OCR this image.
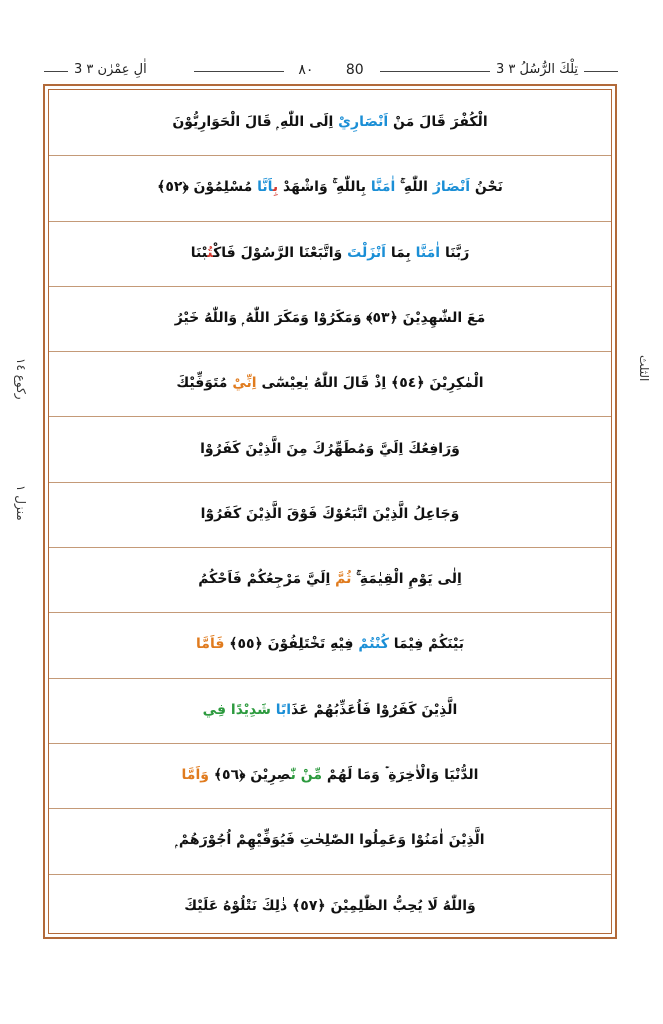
3 اٰلِ عِمْرٰن ٣	٨٠ 80	3 تِلْكَ الرُّسُلُ ٣
ركوع ١٤
منزل ١
الثلث
الْكُفْرَ قَالَ مَنْ اَنْصَارِيْ اِلَى اللّٰهِ ۭ قَالَ الْحَوَارِيُّوْنَ
نَحْنُ اَنْصَارُ اللّٰهِ ۚ اٰمَنَّا بِاللّٰهِ ۚ وَاشْهَدْ بِاَنَّا مُسْلِمُوْنَ ﴿٥٢﴾
رَبَّنَا اٰمَنَّا بِمَا اَنْزَلْتَ وَاتَّبَعْنَا الرَّسُوْلَ فَاكْتُبْنَا
مَعَ الشّٰهِدِيْنَ ﴿٥٣﴾ وَمَكَرُوْا وَمَكَرَ اللّٰهُ ۭ وَاللّٰهُ خَيْرُ
الْمٰكِرِيْنَ ﴿٥٤﴾ اِذْ قَالَ اللّٰهُ يٰعِيْسٰٓى اِنِّيْ مُتَوَفِّيْكَ
وَرَافِعُكَ اِلَيَّ وَمُطَهِّرُكَ مِنَ الَّذِيْنَ كَفَرُوْا
وَجَاعِلُ الَّذِيْنَ اتَّبَعُوْكَ فَوْقَ الَّذِيْنَ كَفَرُوْٓا
اِلٰى يَوْمِ الْقِيٰمَةِ ۚ ثُمَّ اِلَيَّ مَرْجِعُكُمْ فَاَحْكُمُ
بَيْنَكُمْ فِيْمَا كُنْتُمْ فِيْهِ تَخْتَلِفُوْنَ ﴿٥٥﴾ فَاَمَّا
الَّذِيْنَ كَفَرُوْا فَاُعَذِّبُهُمْ عَذَابًا شَدِيْدًا فِي
الدُّنْيَا وَالْاٰخِرَةِ ۡ وَمَا لَهُمْ مِّنْ نّٰصِرِيْنَ ﴿٥٦﴾ وَاَمَّا
الَّذِيْنَ اٰمَنُوْا وَعَمِلُوا الصّٰلِحٰتِ فَيُوَفِّيْهِمْ اُجُوْرَهُمْ ۭ
وَاللّٰهُ لَا يُحِبُّ الظّٰلِمِيْنَ ﴿٥٧﴾ ذٰلِكَ نَتْلُوْهُ عَلَيْكَ
